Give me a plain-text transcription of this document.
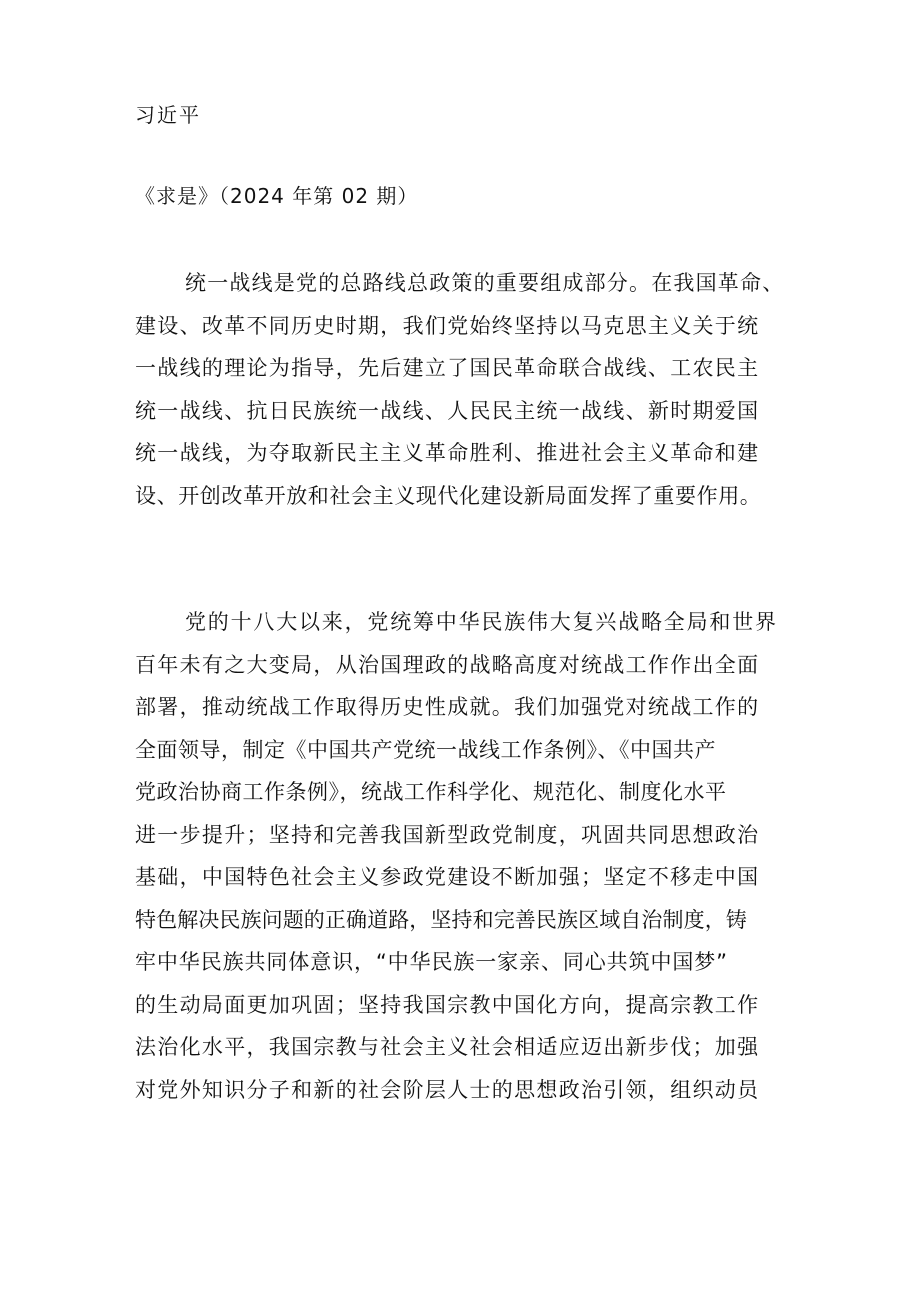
习近平
《求是》（2024 年第 02 期）
统一战线是党的总路线总政策的重要组成部分。在我国革命、
建设、改革不同历史时期，我们党始终坚持以马克思主义关于统
一战线的理论为指导，先后建立了国民革命联合战线、工农民主
统一战线、抗日民族统一战线、人民民主统一战线、新时期爱国
统一战线，为夺取新民主主义革命胜利、推进社会主义革命和建
设、开创改革开放和社会主义现代化建设新局面发挥了重要作用。
党的十八大以来，党统筹中华民族伟大复兴战略全局和世界
百年未有之大变局，从治国理政的战略高度对统战工作作出全面
部署，推动统战工作取得历史性成就。我们加强党对统战工作的
全面领导，制定《中国共产党统一战线工作条例》、《中国共产
党政治协商工作条例》，统战工作科学化、规范化、制度化水平
进一步提升；坚持和完善我国新型政党制度，巩固共同思想政治
基础，中国特色社会主义参政党建设不断加强；坚定不移走中国
特色解决民族问题的正确道路，坚持和完善民族区域自治制度，铸
牢中华民族共同体意识，“中华民族一家亲、同心共筑中国梦”
的生动局面更加巩固；坚持我国宗教中国化方向，提高宗教工作
法治化水平，我国宗教与社会主义社会相适应迈出新步伐；加强
对党外知识分子和新的社会阶层人士的思想政治引领，组织动员
